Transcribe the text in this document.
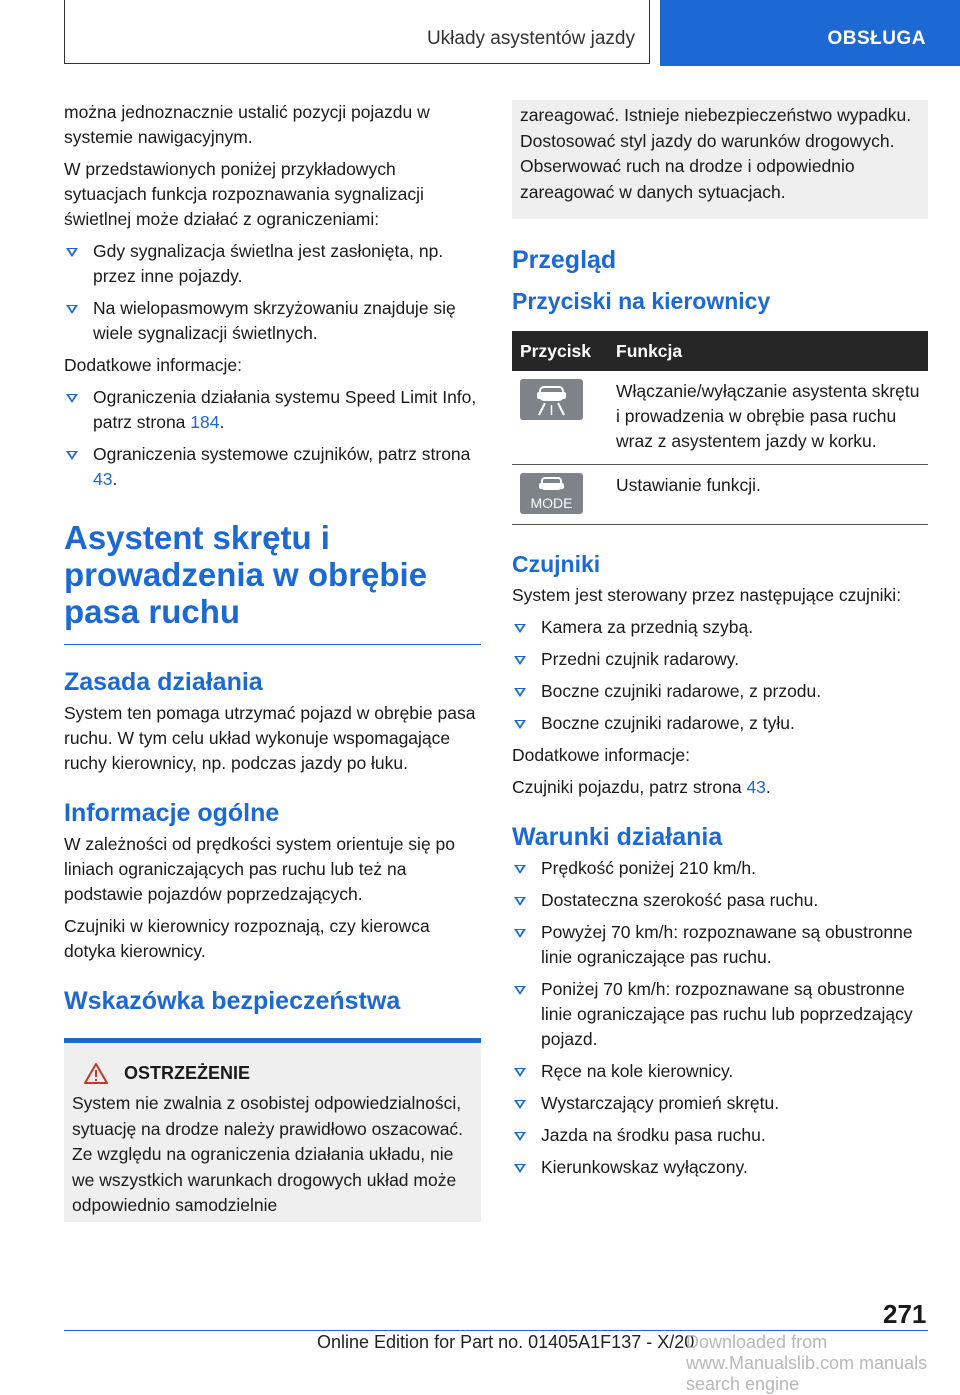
Układy asystentów jazdy	OBSŁUGA

można jednoznacznie ustalić pozycji pojazdu w systemie nawigacyjnym.

W przedstawionych poniżej przykładowych sytuacjach funkcja rozpoznawania sygnalizacji świetlnej może działać z ograniczeniami:

Gdy sygnalizacja świetlna jest zasłonięta, np. przez inne pojazdy.
Na wielopasmowym skrzyżowaniu znajduje się wiele sygnalizacji świetlnych.

Dodatkowe informacje:

Ograniczenia działania systemu Speed Limit Info, patrz strona 184.
Ograniczenia systemowe czujników, patrz strona 43.
Asystent skrętu i prowadzenia w obrębie pasa ruchu
Zasada działania

System ten pomaga utrzymać pojazd w obrębie pasa ruchu. W tym celu układ wykonuje wspomagające ruchy kierownicy, np. podczas jazdy po łuku.

Informacje ogólne

W zależności od prędkości system orientuje się po liniach ograniczających pas ruchu lub też na podstawie pojazdów poprzedzających.

Czujniki w kierownicy rozpoznają, czy kierowca dotyka kierownicy.

Wskazówka bezpieczeństwa
OSTRZEŻENIE
System nie zwalnia z osobistej odpowiedzialności, sytuację na drodze należy prawidłowo oszacować. Ze względu na ograniczenia działania układu, nie we wszystkich warunkach drogowych układ może odpowiednio samodzielnie
zareagować. Istnieje niebezpieczeństwo wypadku. Dostosować styl jazdy do warunków drogowych. Obserwować ruch na drodze i odpowiednio zareagować w danych sytuacjach.
Przegląd
Przyciski na kierownicy
Przycisk	Funkcja

	Włączanie/wyłączanie asystenta skrętu i prowadzenia w obrębie pasa ruchu wraz z asystentem jazdy w korku.

MODE	Ustawianie funkcji.
Czujniki

System jest sterowany przez następujące czujniki:

Kamera za przednią szybą.
Przedni czujnik radarowy.
Boczne czujniki radarowe, z przodu.
Boczne czujniki radarowe, z tyłu.

Dodatkowe informacje:

Czujniki pojazdu, patrz strona 43.

Warunki działania
Prędkość poniżej 210 km/h.
Dostateczna szerokość pasa ruchu.
Powyżej 70 km/h: rozpoznawane są obustronne linie ograniczające pas ruchu.
Poniżej 70 km/h: rozpoznawane są obustronne linie ograniczające pas ruchu lub poprzedzający pojazd.
Ręce na kole kierownicy.
Wystarczający promień skrętu.
Jazda na środku pasa ruchu.
Kierunkowskaz wyłączony.
271
Online Edition for Part no. 01405A1F137 - X/20
Downloaded from www.Manualslib.com manuals search engine
